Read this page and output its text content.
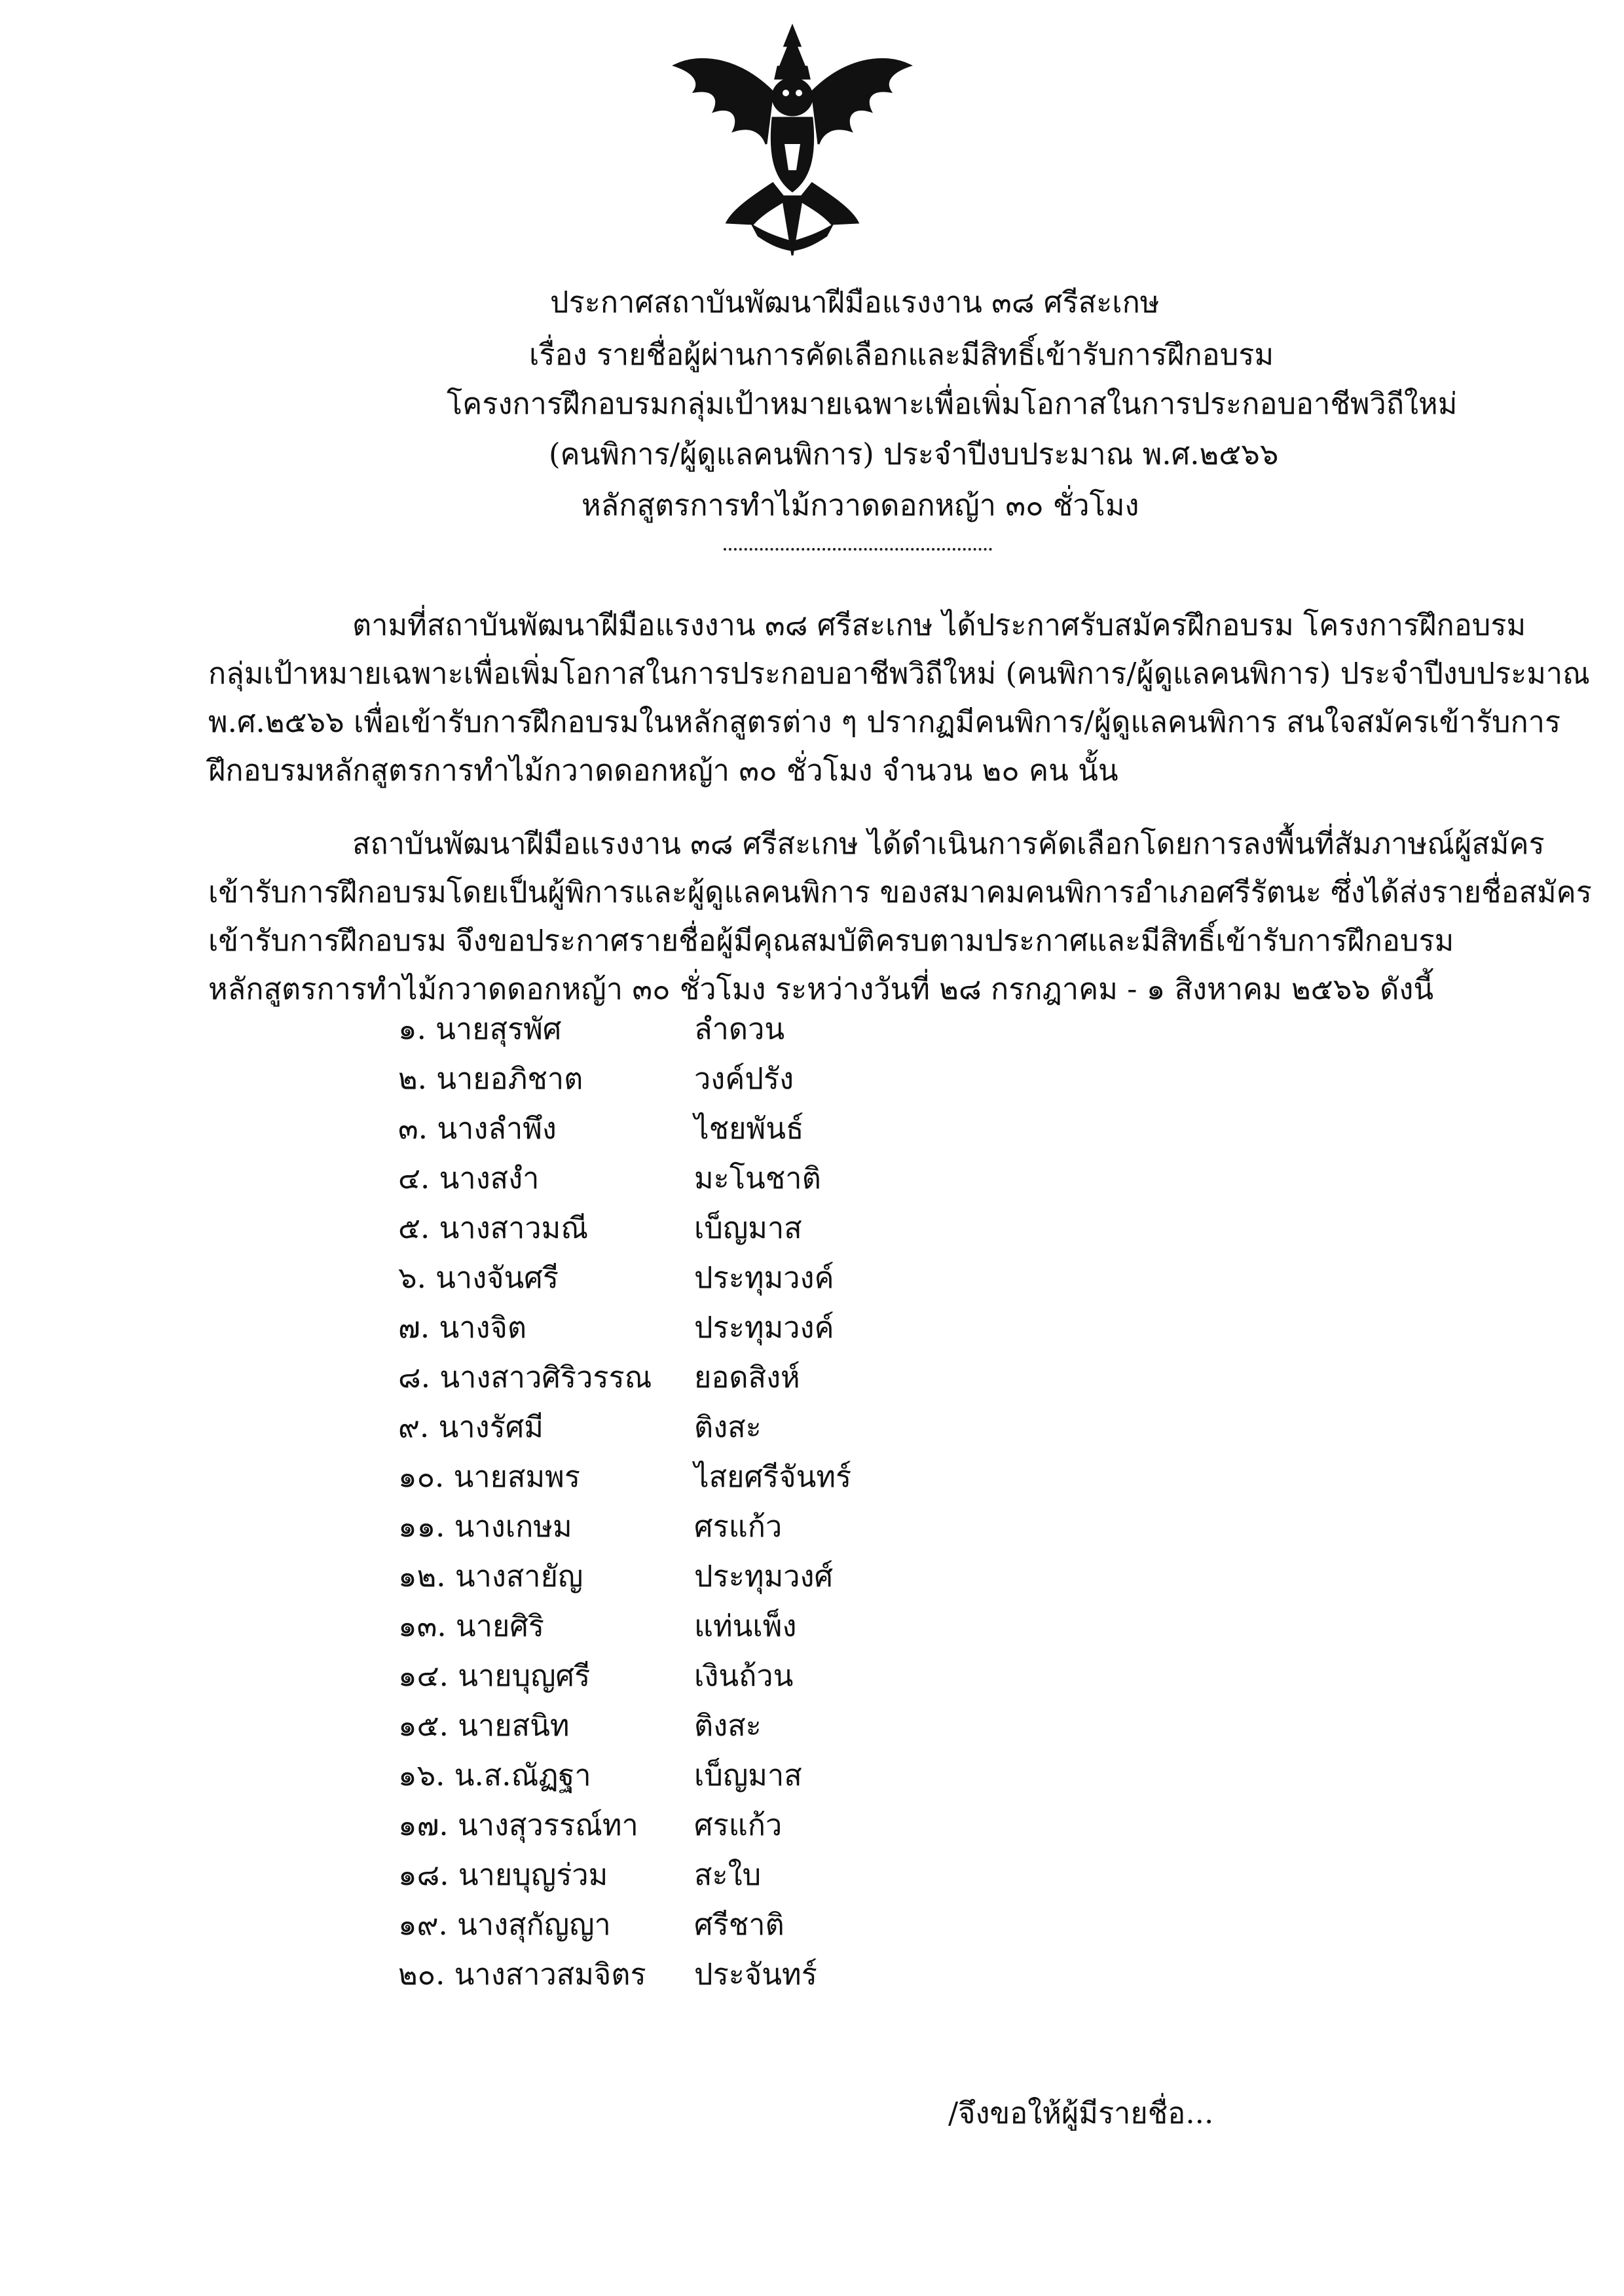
ประกาศสถาบันพัฒนาฝีมือแรงงาน ๓๘ ศรีสะเกษ
เรื่อง รายชื่อผู้ผ่านการคัดเลือกและมีสิทธิ์เข้ารับการฝึกอบรม
โครงการฝึกอบรมกลุ่มเป้าหมายเฉพาะเพื่อเพิ่มโอกาสในการประกอบอาชีพวิถีใหม่
(คนพิการ/ผู้ดูแลคนพิการ) ประจำปีงบประมาณ พ.ศ.๒๕๖๖
หลักสูตรการทำไม้กวาดดอกหญ้า ๓๐ ชั่วโมง
ตามที่สถาบันพัฒนาฝีมือแรงงาน ๓๘ ศรีสะเกษ ได้ประกาศรับสมัครฝึกอบรม โครงการฝึกอบรม
กลุ่มเป้าหมายเฉพาะเพื่อเพิ่มโอกาสในการประกอบอาชีพวิถีใหม่ (คนพิการ/ผู้ดูแลคนพิการ) ประจำปีงบประมาณ
พ.ศ.๒๕๖๖ เพื่อเข้ารับการฝึกอบรมในหลักสูตรต่าง ๆ ปรากฏมีคนพิการ/ผู้ดูแลคนพิการ สนใจสมัครเข้ารับการ
ฝึกอบรมหลักสูตรการทำไม้กวาดดอกหญ้า ๓๐ ชั่วโมง จำนวน ๒๐ คน นั้น
สถาบันพัฒนาฝีมือแรงงาน ๓๘ ศรีสะเกษ ได้ดำเนินการคัดเลือกโดยการลงพื้นที่สัมภาษณ์ผู้สมัคร
เข้ารับการฝึกอบรมโดยเป็นผู้พิการและผู้ดูแลคนพิการ ของสมาคมคนพิการอำเภอศรีรัตนะ ซึ่งได้ส่งรายชื่อสมัคร
เข้ารับการฝึกอบรม จึงขอประกาศรายชื่อผู้มีคุณสมบัติครบตามประกาศและมีสิทธิ์เข้ารับการฝึกอบรม
หลักสูตรการทำไม้กวาดดอกหญ้า ๓๐ ชั่วโมง ระหว่างวันที่ ๒๘ กรกฎาคม - ๑ สิงหาคม ๒๕๖๖ ดังนี้
๑. นายสุรพัศ	ลำดวน
๒. นายอภิชาต	วงค์ปรัง
๓. นางลำพึง	ไชยพันธ์
๔. นางสงำ	มะโนชาติ
๕. นางสาวมณี	เบ็ญมาส
๖. นางจันศรี	ประทุมวงค์
๗. นางจิต	ประทุมวงค์
๘. นางสาวศิริวรรณ ยอดสิงห์
๙. นางรัศมี	ติงสะ
๑๐. นายสมพร	ไสยศรีจันทร์
๑๑. นางเกษม	ศรแก้ว
๑๒. นางสายัญ	ประทุมวงศ์
๑๓. นายศิริ	แท่นเพ็ง
๑๔. นายบุญศรี	เงินถ้วน
๑๕. นายสนิท	ติงสะ
๑๖. น.ส.ณัฏฐา	เบ็ญมาส
๑๗. นางสุวรรณ์ทา ศรแก้ว
๑๘. นายบุญร่วม	สะใบ
๑๙. นางสุกัญญา	ศรีชาติ
๒๐. นางสาวสมจิตร ประจันทร์
/จึงขอให้ผู้มีรายชื่อ...
